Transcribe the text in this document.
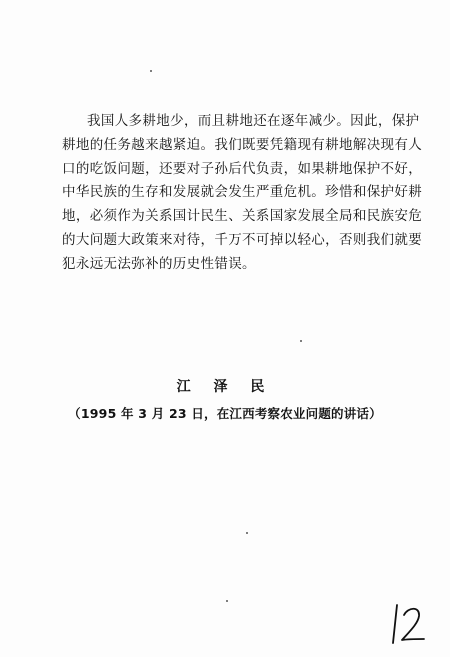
我国人多耕地少，而且耕地还在逐年减少。因此，保护
耕地的任务越来越紧迫。我们既要凭籍现有耕地解决现有人
口的吃饭问题，还要对子孙后代负责，如果耕地保护不好，
中华民族的生存和发展就会发生严重危机。珍惜和保护好耕
地，必须作为关系国计民生、关系国家发展全局和民族安危
的大问题大政策来对待，千万不可掉以轻心，否则我们就要
犯永远无法弥补的历史性错误。
江 泽 民
（1995 年 3 月 23 日，在江西考察农业问题的讲话）
